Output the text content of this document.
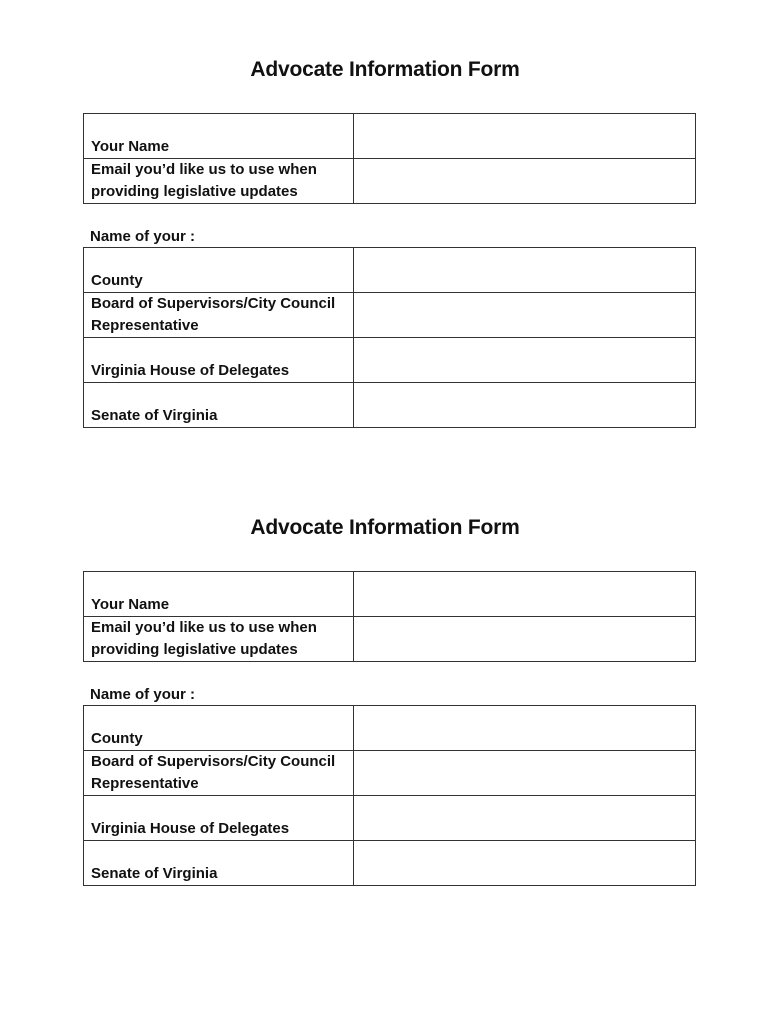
Advocate Information Form
Your Name	

Email you’d like us to use when providing legislative updates	

Name of your :
County	

Board of Supervisors/City Council Representative	

Virginia House of Delegates	

Senate of Virginia	

Advocate Information Form
Your Name	

Email you’d like us to use when providing legislative updates	

Name of your :
County	

Board of Supervisors/City Council Representative	

Virginia House of Delegates	

Senate of Virginia	
